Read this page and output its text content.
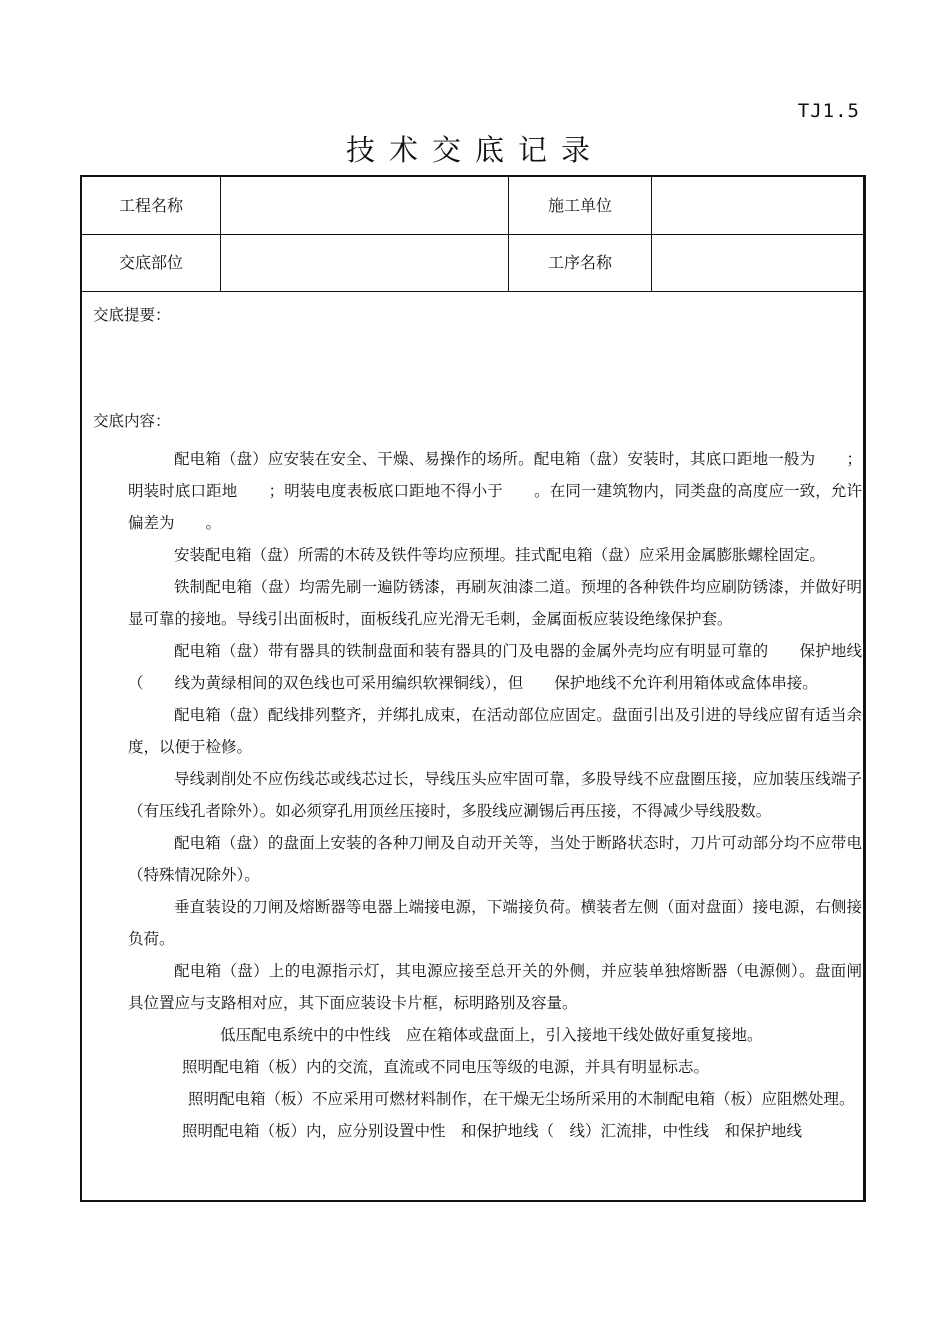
TJ1.5
技术交底记录
工程名称	施工单位
交底部位	工序名称
交底提要：
交底内容：

配电箱（盘）应安装在安全、干燥、易操作的场所。配电箱（盘）安装时，其底口距地一般为　　；明装时底口距地　　；明装电度表板底口距地不得小于　　。在同一建筑物内，同类盘的高度应一致，允许偏差为　　。

安装配电箱（盘）所需的木砖及铁件等均应预埋。挂式配电箱（盘）应采用金属膨胀螺栓固定。

铁制配电箱（盘）均需先刷一遍防锈漆，再刷灰油漆二道。预埋的各种铁件均应刷防锈漆，并做好明显可靠的接地。导线引出面板时，面板线孔应光滑无毛刺，金属面板应装设绝缘保护套。

配电箱（盘）带有器具的铁制盘面和装有器具的门及电器的金属外壳均应有明显可靠的　　保护地线（　　线为黄绿相间的双色线也可采用编织软裸铜线），但　　保护地线不允许利用箱体或盒体串接。

配电箱（盘）配线排列整齐，并绑扎成束，在活动部位应固定。盘面引出及引进的导线应留有适当余度，以便于检修。

导线剥削处不应伤线芯或线芯过长，导线压头应牢固可靠，多股导线不应盘圈压接，应加装压线端子（有压线孔者除外）。如必须穿孔用顶丝压接时，多股线应涮锡后再压接，不得减少导线股数。

配电箱（盘）的盘面上安装的各种刀闸及自动开关等，当处于断路状态时，刀片可动部分均不应带电（特殊情况除外）。

垂直装设的刀闸及熔断器等电器上端接电源，下端接负荷。横装者左侧（面对盘面）接电源，右侧接负荷。

配电箱（盘）上的电源指示灯，其电源应接至总开关的外侧，并应装单独熔断器（电源侧）。盘面闸具位置应与支路相对应，其下面应装设卡片框，标明路别及容量。

低压配电系统中的中性线　应在箱体或盘面上，引入接地干线处做好重复接地。

照明配电箱（板）内的交流，直流或不同电压等级的电源，并具有明显标志。

照明配电箱（板）不应采用可燃材料制作，在干燥无尘场所采用的木制配电箱（板）应阻燃处理。

照明配电箱（板）内，应分别设置中性　和保护地线（　线）汇流排，中性线　和保护地线
